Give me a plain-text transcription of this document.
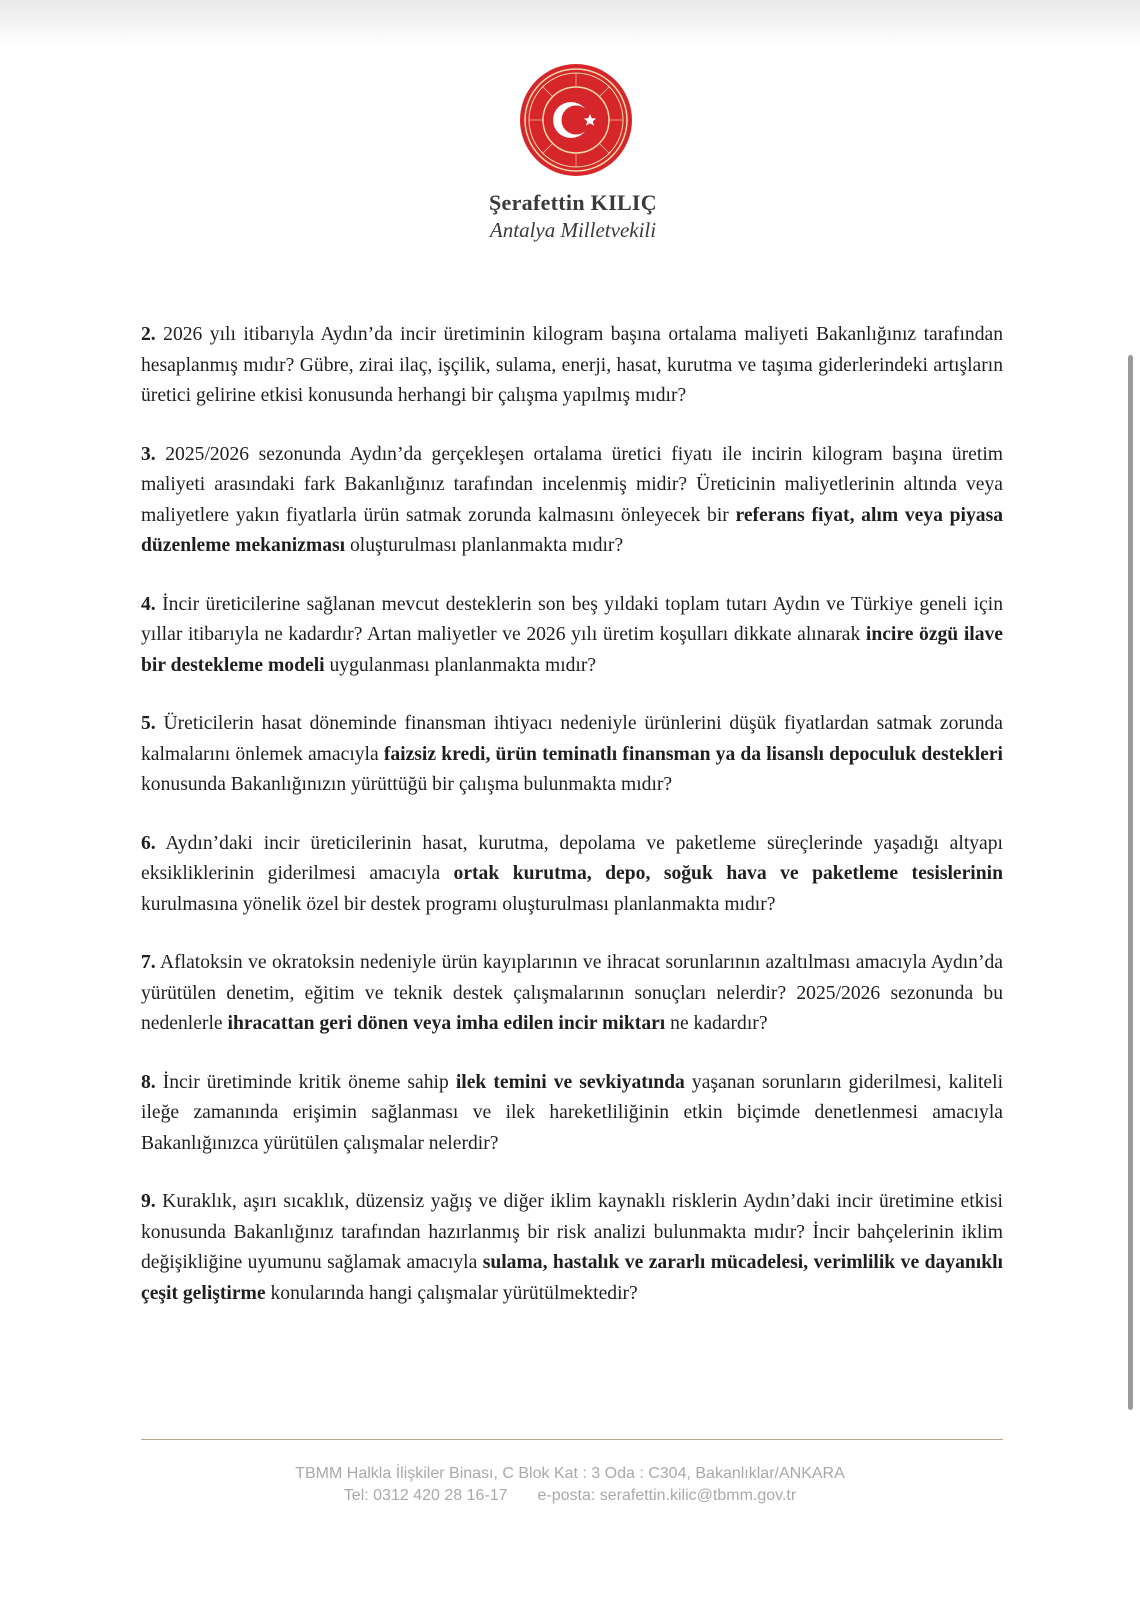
Şerafettin KILIÇ
Antalya Milletvekili

2. 2026 yılı itibarıyla Aydın’da incir üretiminin kilogram başına ortalama maliyeti Bakanlığınız tarafından hesaplanmış mıdır? Gübre, zirai ilaç, işçilik, sulama, enerji, hasat, kurutma ve taşıma giderlerindeki artışların üretici gelirine etkisi konusunda herhangi bir çalışma yapılmış mıdır?

3. 2025/2026 sezonunda Aydın’da gerçekleşen ortalama üretici fiyatı ile incirin kilogram başına üretim maliyeti arasındaki fark Bakanlığınız tarafından incelenmiş midir? Üreticinin maliyetlerinin altında veya maliyetlere yakın fiyatlarla ürün satmak zorunda kalmasını önleyecek bir referans fiyat, alım veya piyasa düzenleme mekanizması oluşturulması planlanmakta mıdır?

4. İncir üreticilerine sağlanan mevcut desteklerin son beş yıldaki toplam tutarı Aydın ve Türkiye geneli için yıllar itibarıyla ne kadardır? Artan maliyetler ve 2026 yılı üretim koşulları dikkate alınarak incire özgü ilave bir destekleme modeli uygulanması planlanmakta mıdır?

5. Üreticilerin hasat döneminde finansman ihtiyacı nedeniyle ürünlerini düşük fiyatlardan satmak zorunda kalmalarını önlemek amacıyla faizsiz kredi, ürün teminatlı finansman ya da lisanslı depoculuk destekleri konusunda Bakanlığınızın yürüttüğü bir çalışma bulunmakta mıdır?

6. Aydın’daki incir üreticilerinin hasat, kurutma, depolama ve paketleme süreçlerinde yaşadığı altyapı eksikliklerinin giderilmesi amacıyla ortak kurutma, depo, soğuk hava ve paketleme tesislerinin kurulmasına yönelik özel bir destek programı oluşturulması planlanmakta mıdır?

7. Aflatoksin ve okratoksin nedeniyle ürün kayıplarının ve ihracat sorunlarının azaltılması amacıyla Aydın’da yürütülen denetim, eğitim ve teknik destek çalışmalarının sonuçları nelerdir? 2025/2026 sezonunda bu nedenlerle ihracattan geri dönen veya imha edilen incir miktarı ne kadardır?

8. İncir üretiminde kritik öneme sahip ilek temini ve sevkiyatında yaşanan sorunların giderilmesi, kaliteli ileğe zamanında erişimin sağlanması ve ilek hareketliliğinin etkin biçimde denetlenmesi amacıyla Bakanlığınızca yürütülen çalışmalar nelerdir?

9. Kuraklık, aşırı sıcaklık, düzensiz yağış ve diğer iklim kaynaklı risklerin Aydın’daki incir üretimine etkisi konusunda Bakanlığınız tarafından hazırlanmış bir risk analizi bulunmakta mıdır? İncir bahçelerinin iklim değişikliğine uyumunu sağlamak amacıyla sulama, hastalık ve zararlı mücadelesi, verimlilik ve dayanıklı çeşit geliştirme konularında hangi çalışmalar yürütülmektedir?

TBMM Halkla İlişkiler Binası, C Blok Kat : 3 Oda : C304, Bakanlıklar/ANKARA
Tel: 0312 420 28 16-17 e-posta: serafettin.kilic@tbmm.gov.tr
